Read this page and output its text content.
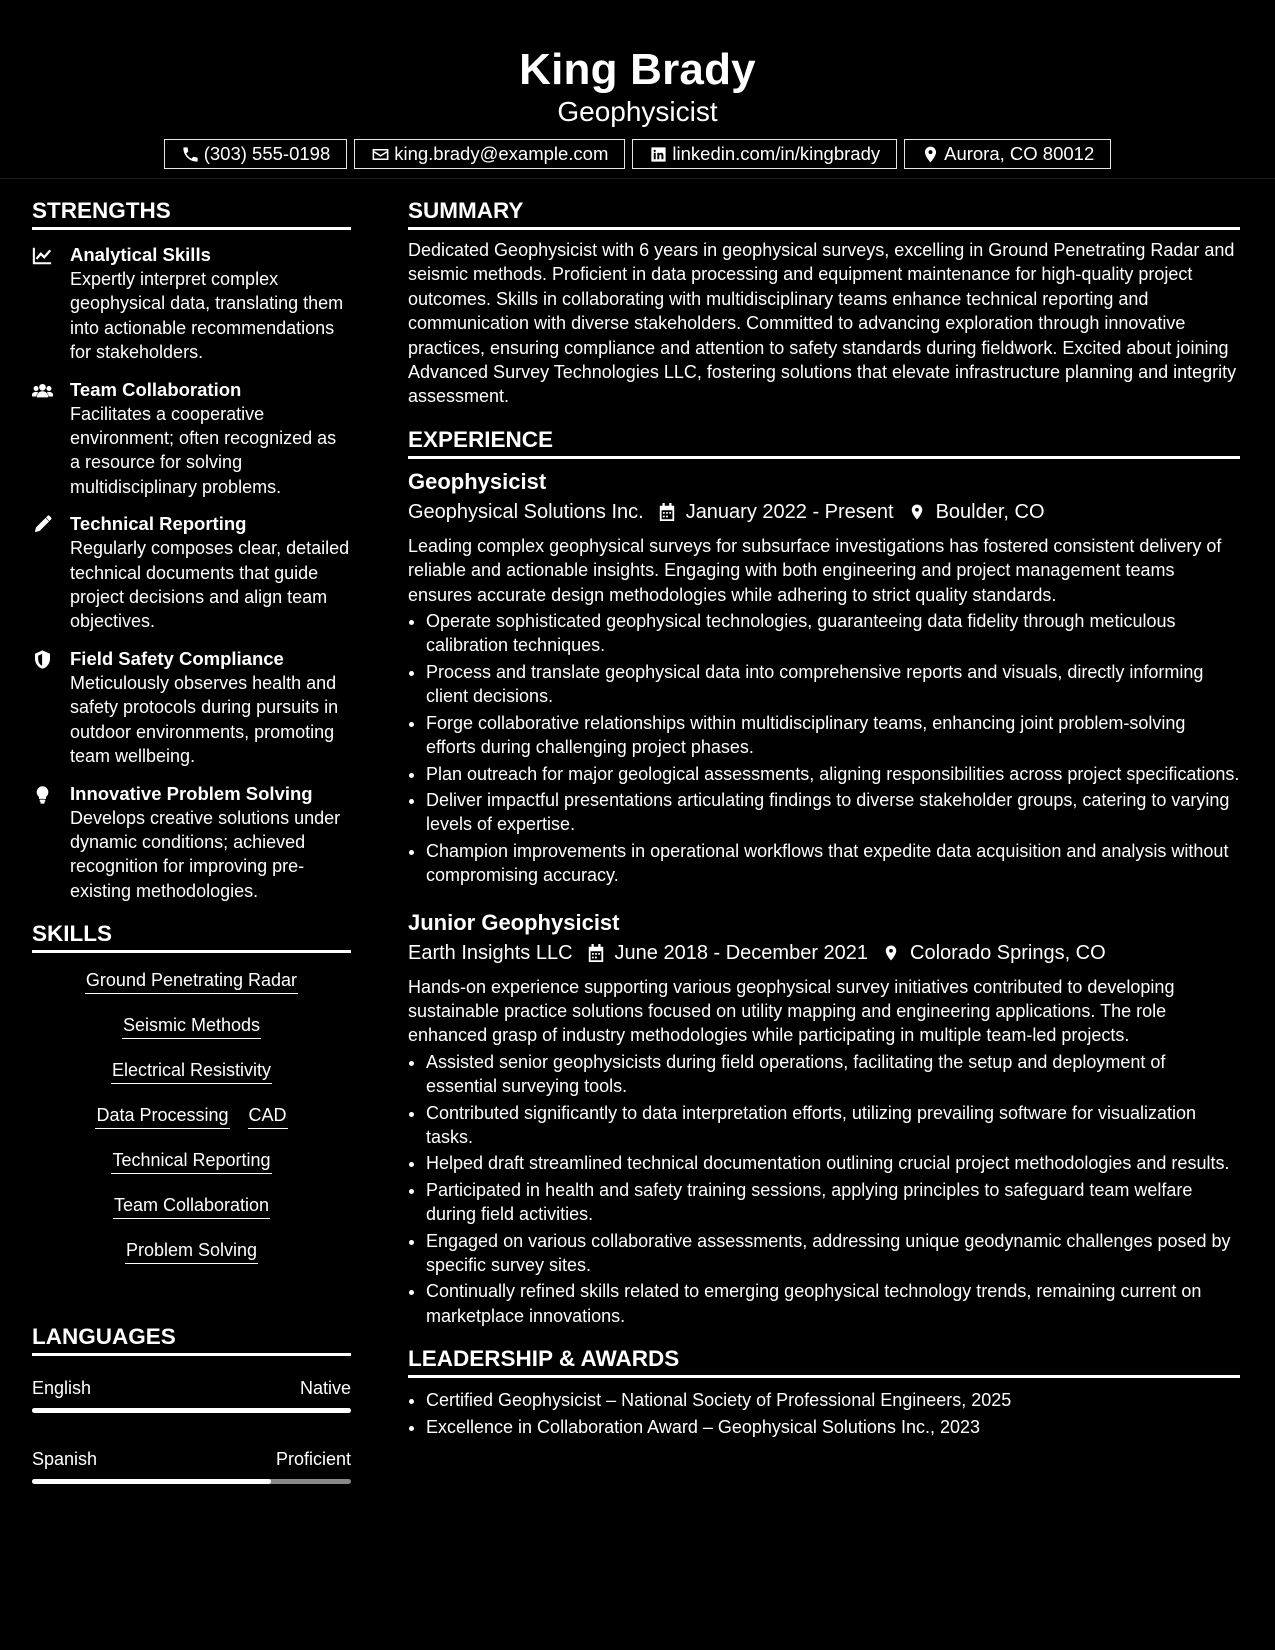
King Brady
Geophysicist
(303) 555-0198	king.brady@example.com	linkedin.com/in/kingbrady	Aurora, CO 80012
STRENGTHS
Analytical Skills
Expertly interpret complex geophysical data, translating them into actionable recommendations for stakeholders.
Team Collaboration
Facilitates a cooperative environment; often recognized as a resource for solving multidisciplinary problems.
Technical Reporting
Regularly composes clear, detailed technical documents that guide project decisions and align team objectives.
Field Safety Compliance
Meticulously observes health and safety protocols during pursuits in outdoor environments, promoting team wellbeing.
Innovative Problem Solving
Develops creative solutions under dynamic conditions; achieved recognition for improving pre-existing methodologies.
SKILLS
Ground Penetrating Radar
Seismic Methods
Electrical Resistivity
Data Processing CAD
Technical Reporting
Team Collaboration
Problem Solving
LANGUAGES
English	Native
Spanish	Proficient
SUMMARY
Dedicated Geophysicist with 6 years in geophysical surveys, excelling in Ground Penetrating Radar and seismic methods. Proficient in data processing and equipment maintenance for high-quality project outcomes. Skills in collaborating with multidisciplinary teams enhance technical reporting and communication with diverse stakeholders. Committed to advancing exploration through innovative practices, ensuring compliance and attention to safety standards during fieldwork. Excited about joining Advanced Survey Technologies LLC, fostering solutions that elevate infrastructure planning and integrity assessment.
EXPERIENCE
Geophysicist
Geophysical Solutions Inc. January 2022 - Present Boulder, CO
Leading complex geophysical surveys for subsurface investigations has fostered consistent delivery of reliable and actionable insights. Engaging with both engineering and project management teams ensures accurate design methodologies while adhering to strict quality standards.
• Operate sophisticated geophysical technologies, guaranteeing data fidelity through meticulous calibration techniques.
• Process and translate geophysical data into comprehensive reports and visuals, directly informing client decisions.
• Forge collaborative relationships within multidisciplinary teams, enhancing joint problem-solving efforts during challenging project phases.
• Plan outreach for major geological assessments, aligning responsibilities across project specifications.
• Deliver impactful presentations articulating findings to diverse stakeholder groups, catering to varying levels of expertise.
• Champion improvements in operational workflows that expedite data acquisition and analysis without compromising accuracy.
Junior Geophysicist
Earth Insights LLC June 2018 - December 2021 Colorado Springs, CO
Hands-on experience supporting various geophysical survey initiatives contributed to developing sustainable practice solutions focused on utility mapping and engineering applications. The role enhanced grasp of industry methodologies while participating in multiple team-led projects.
• Assisted senior geophysicists during field operations, facilitating the setup and deployment of essential surveying tools.
• Contributed significantly to data interpretation efforts, utilizing prevailing software for visualization tasks.
• Helped draft streamlined technical documentation outlining crucial project methodologies and results.
• Participated in health and safety training sessions, applying principles to safeguard team welfare during field activities.
• Engaged on various collaborative assessments, addressing unique geodynamic challenges posed by specific survey sites.
• Continually refined skills related to emerging geophysical technology trends, remaining current on marketplace innovations.
LEADERSHIP & AWARDS
• Certified Geophysicist – National Society of Professional Engineers, 2025
• Excellence in Collaboration Award – Geophysical Solutions Inc., 2023
